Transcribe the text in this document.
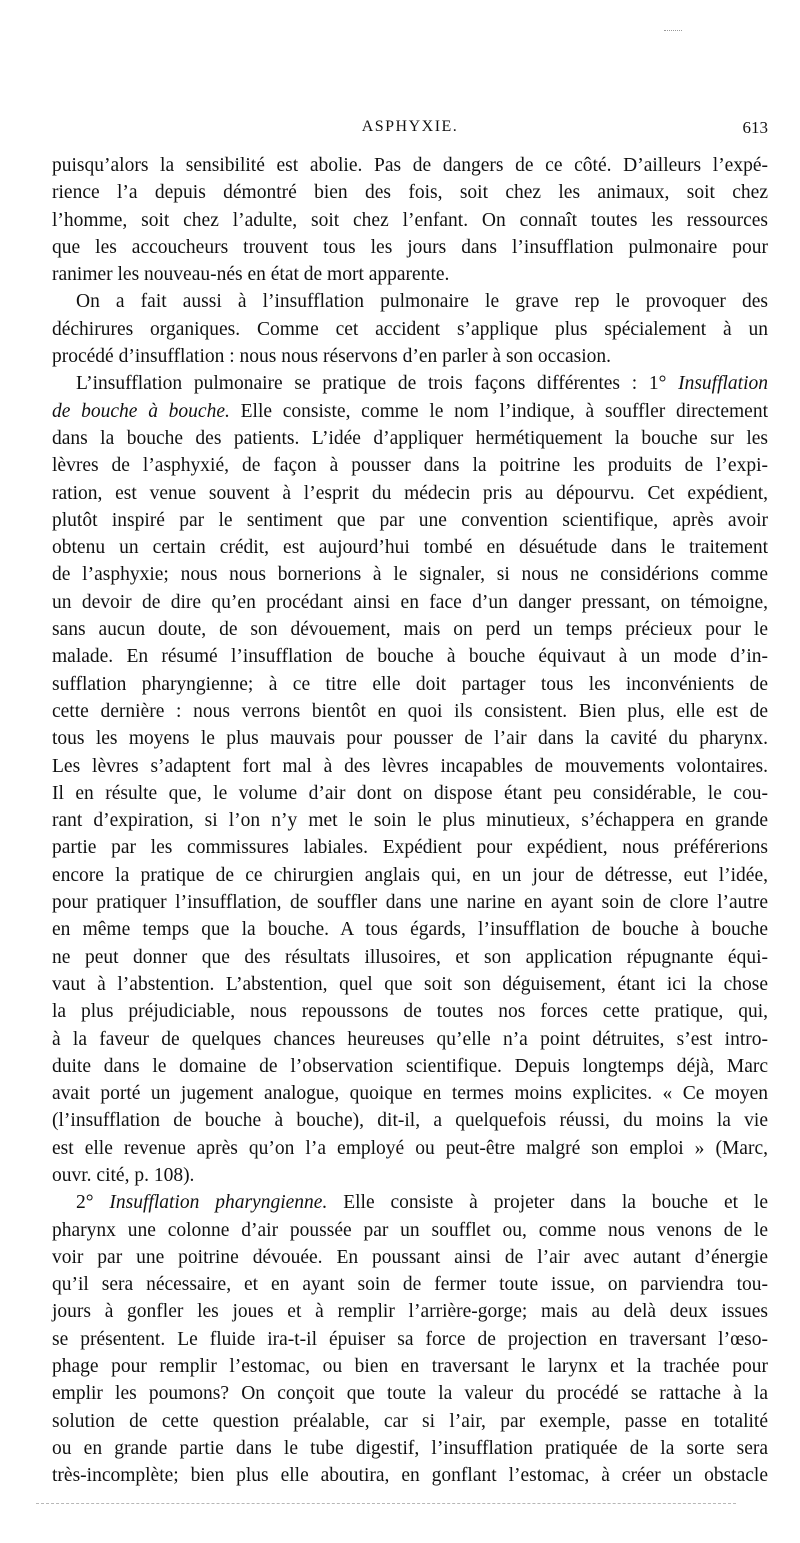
ASPHYXIE.	613
puisqu’alors la sensibilité est abolie. Pas de dangers de ce côté. D’ailleurs l’expé-
rience l’a depuis démontré bien des fois, soit chez les animaux, soit chez
l’homme, soit chez l’adulte, soit chez l’enfant. On connaît toutes les ressources
que les accoucheurs trouvent tous les jours dans l’insufflation pulmonaire pour
ranimer les nouveau-nés en état de mort apparente.
On a fait aussi à l’insufflation pulmonaire le grave rep le provoquer des
déchirures organiques. Comme cet accident s’applique plus spécialement à un
procédé d’insufflation : nous nous réservons d’en parler à son occasion.
L’insufflation pulmonaire se pratique de trois façons différentes : 1° Insufflation
de bouche à bouche. Elle consiste, comme le nom l’indique, à souffler directement
dans la bouche des patients. L’idée d’appliquer hermétiquement la bouche sur les
lèvres de l’asphyxié, de façon à pousser dans la poitrine les produits de l’expi-
ration, est venue souvent à l’esprit du médecin pris au dépourvu. Cet expédient,
plutôt inspiré par le sentiment que par une convention scientifique, après avoir
obtenu un certain crédit, est aujourd’hui tombé en désuétude dans le traitement
de l’asphyxie; nous nous bornerions à le signaler, si nous ne considérions comme
un devoir de dire qu’en procédant ainsi en face d’un danger pressant, on témoigne,
sans aucun doute, de son dévouement, mais on perd un temps précieux pour le
malade. En résumé l’insufflation de bouche à bouche équivaut à un mode d’in-
sufflation pharyngienne; à ce titre elle doit partager tous les inconvénients de
cette dernière : nous verrons bientôt en quoi ils consistent. Bien plus, elle est de
tous les moyens le plus mauvais pour pousser de l’air dans la cavité du pharynx.
Les lèvres s’adaptent fort mal à des lèvres incapables de mouvements volontaires.
Il en résulte que, le volume d’air dont on dispose étant peu considérable, le cou-
rant d’expiration, si l’on n’y met le soin le plus minutieux, s’échappera en grande
partie par les commissures labiales. Expédient pour expédient, nous préférerions
encore la pratique de ce chirurgien anglais qui, en un jour de détresse, eut l’idée,
pour pratiquer l’insufflation, de souffler dans une narine en ayant soin de clore l’autre
en même temps que la bouche. A tous égards, l’insufflation de bouche à bouche
ne peut donner que des résultats illusoires, et son application répugnante équi-
vaut à l’abstention. L’abstention, quel que soit son déguisement, étant ici la chose
la plus préjudiciable, nous repoussons de toutes nos forces cette pratique, qui,
à la faveur de quelques chances heureuses qu’elle n’a point détruites, s’est intro-
duite dans le domaine de l’observation scientifique. Depuis longtemps déjà, Marc
avait porté un jugement analogue, quoique en termes moins explicites. « Ce moyen
(l’insufflation de bouche à bouche), dit-il, a quelquefois réussi, du moins la vie
est elle revenue après qu’on l’a employé ou peut-être malgré son emploi » (Marc,
ouvr. cité, p. 108).
2° Insufflation pharyngienne. Elle consiste à projeter dans la bouche et le
pharynx une colonne d’air poussée par un soufflet ou, comme nous venons de le
voir par une poitrine dévouée. En poussant ainsi de l’air avec autant d’énergie
qu’il sera nécessaire, et en ayant soin de fermer toute issue, on parviendra tou-
jours à gonfler les joues et à remplir l’arrière-gorge; mais au delà deux issues
se présentent. Le fluide ira-t-il épuiser sa force de projection en traversant l’œso-
phage pour remplir l’estomac, ou bien en traversant le larynx et la trachée pour
emplir les poumons? On conçoit que toute la valeur du procédé se rattache à la
solution de cette question préalable, car si l’air, par exemple, passe en totalité
ou en grande partie dans le tube digestif, l’insufflation pratiquée de la sorte sera
très-incomplète; bien plus elle aboutira, en gonflant l’estomac, à créer un obstacle
